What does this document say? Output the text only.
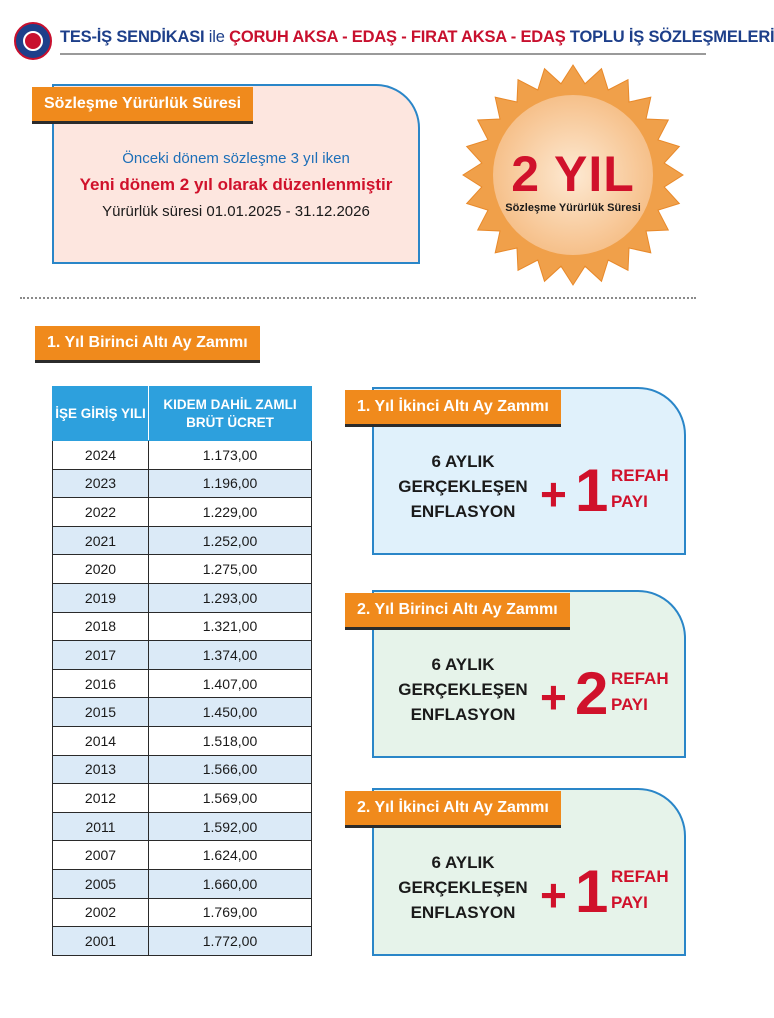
TES-İŞ SENDİKASI ile ÇORUH AKSA - EDAŞ - FIRAT AKSA - EDAŞ TOPLU İŞ SÖZLEŞMELERİ
Sözleşme Yürürlük Süresi
Önceki dönem sözleşme 3 yıl iken
Yeni dönem 2 yıl olarak düzenlenmiştir
Yürürlük süresi 01.01.2025 - 31.12.2026
2 YIL
Sözleşme Yürürlük Süresi
1. Yıl Birinci Altı Ay Zammı
İŞE GİRİŞ YILI	KIDEM DAHİL ZAMLI BRÜT ÜCRET
2024	1.173,00
2023	1.196,00
2022	1.229,00
2021	1.252,00
2020	1.275,00
2019	1.293,00
2018	1.321,00
2017	1.374,00
2016	1.407,00
2015	1.450,00
2014	1.518,00
2013	1.566,00
2012	1.569,00
2011	1.592,00
2007	1.624,00
2005	1.660,00
2002	1.769,00
2001	1.772,00
1. Yıl İkinci Altı Ay Zammı
6 AYLIK
GERÇEKLEŞEN
ENFLASYON + 1 REFAH
PAYI
2. Yıl Birinci Altı Ay Zammı
6 AYLIK
GERÇEKLEŞEN
ENFLASYON + 2 REFAH
PAYI
2. Yıl İkinci Altı Ay Zammı
6 AYLIK
GERÇEKLEŞEN
ENFLASYON + 1 REFAH
PAYI
